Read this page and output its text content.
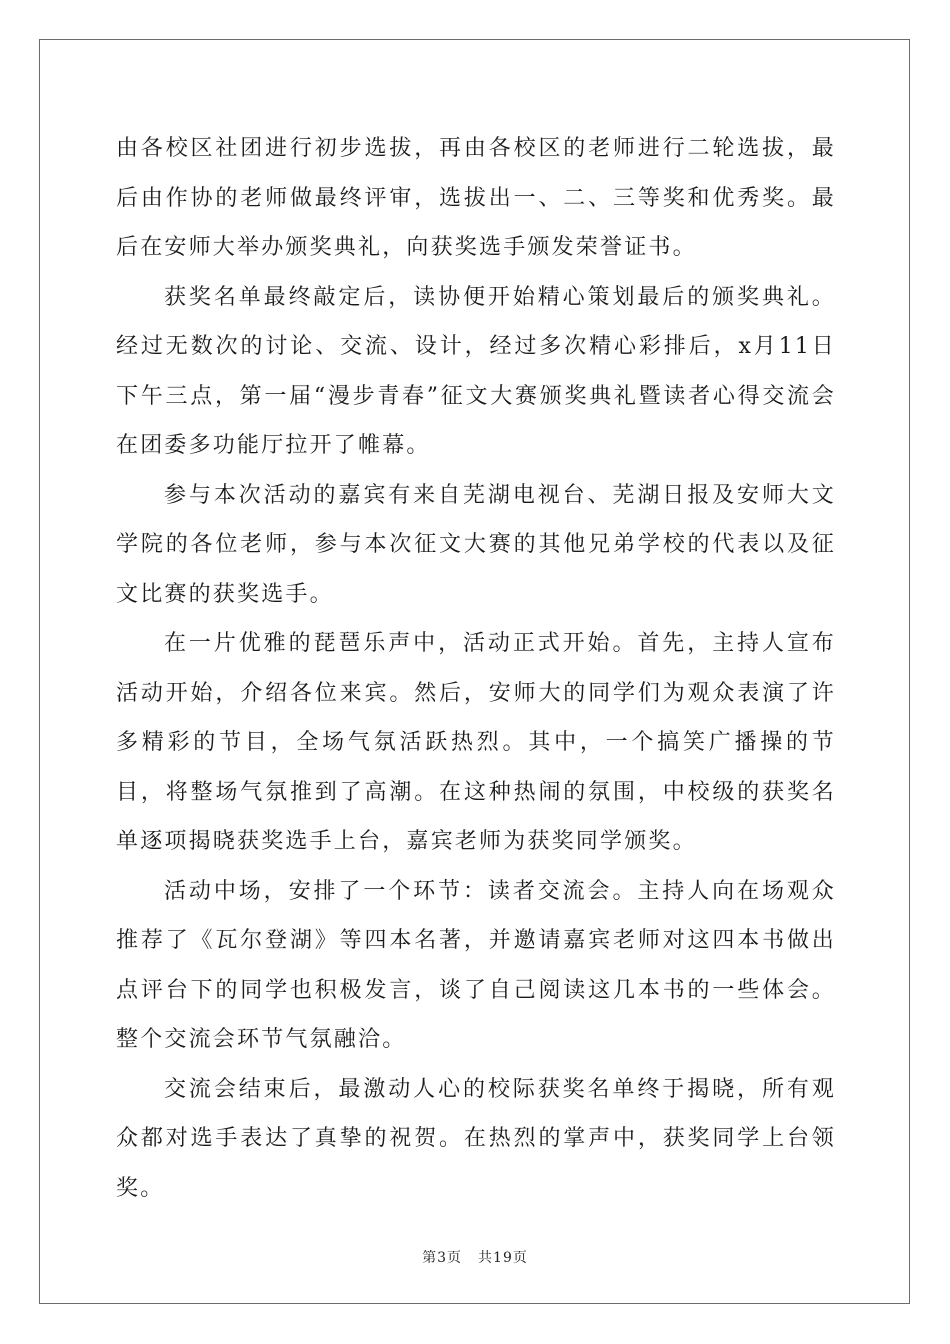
由各校区社团进行初步选拔，再由各校区的老师进行二轮选拔，最后由作协的老师做最终评审，选拔出一、二、三等奖和优秀奖。最后在安师大举办颁奖典礼，向获奖选手颁发荣誉证书。

获奖名单最终敲定后，读协便开始精心策划最后的颁奖典礼。经过无数次的讨论、交流、设计，经过多次精心彩排后，x月11日下午三点，第一届“漫步青春”征文大赛颁奖典礼暨读者心得交流会在团委多功能厅拉开了帷幕。

参与本次活动的嘉宾有来自芜湖电视台、芜湖日报及安师大文学院的各位老师，参与本次征文大赛的其他兄弟学校的代表以及征文比赛的获奖选手。

在一片优雅的琵琶乐声中，活动正式开始。首先，主持人宣布活动开始，介绍各位来宾。然后，安师大的同学们为观众表演了许多精彩的节目，全场气氛活跃热烈。其中，一个搞笑广播操的节目，将整场气氛推到了高潮。在这种热闹的氛围，中校级的获奖名单逐项揭晓获奖选手上台，嘉宾老师为获奖同学颁奖。

活动中场，安排了一个环节：读者交流会。主持人向在场观众推荐了《瓦尔登湖》等四本名著，并邀请嘉宾老师对这四本书做出点评台下的同学也积极发言，谈了自己阅读这几本书的一些体会。整个交流会环节气氛融洽。

交流会结束后，最激动人心的校际获奖名单终于揭晓，所有观众都对选手表达了真挚的祝贺。在热烈的掌声中，获奖同学上台领奖。

第3页 共19页
